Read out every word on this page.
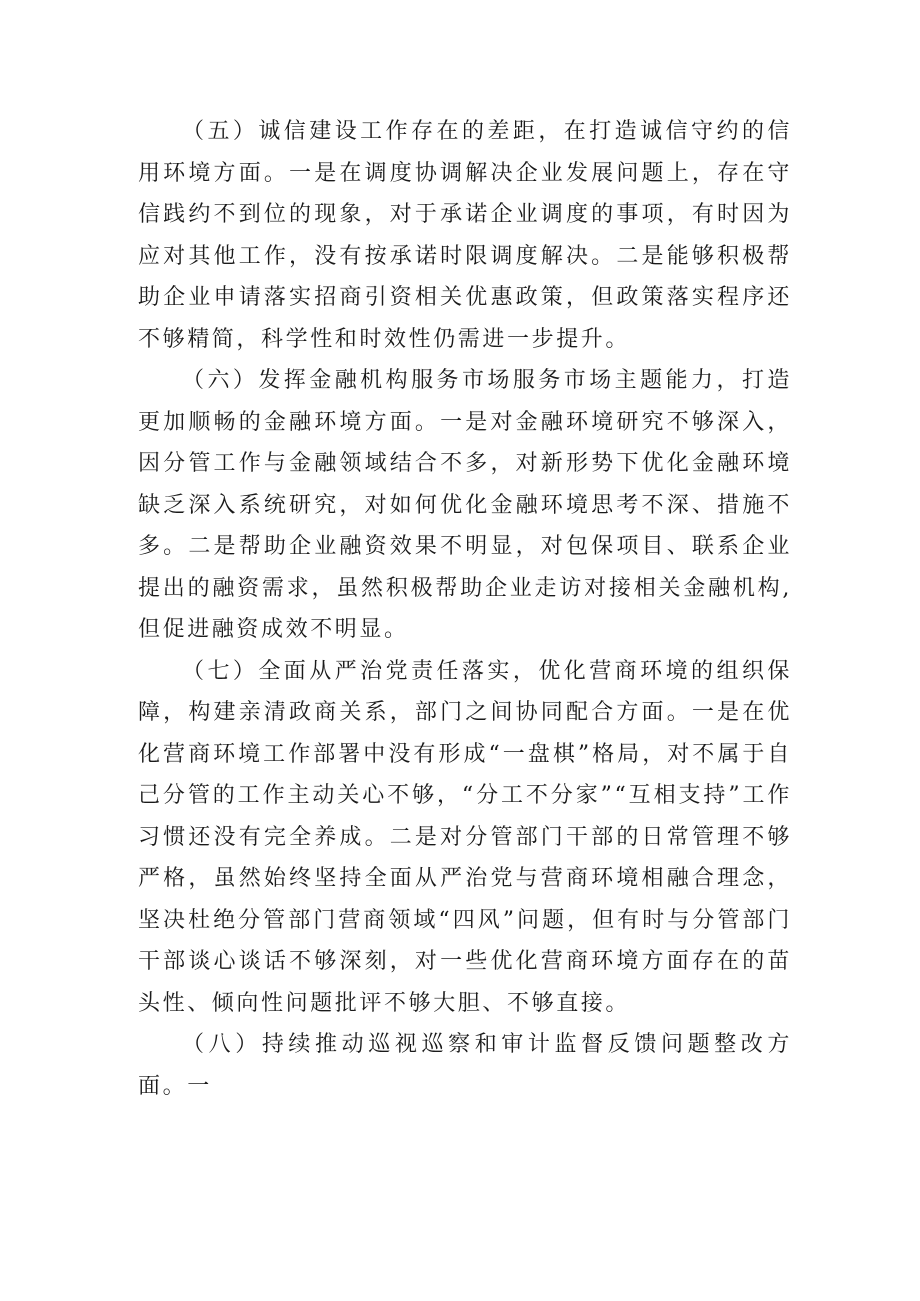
（五）诚信建设工作存在的差距，在打造诚信守约的信用环境方面。一是在调度协调解决企业发展问题上，存在守信践约不到位的现象，对于承诺企业调度的事项，有时因为应对其他工作，没有按承诺时限调度解决。二是能够积极帮助企业申请落实招商引资相关优惠政策，但政策落实程序还不够精简，科学性和时效性仍需进一步提升。

（六）发挥金融机构服务市场服务市场主题能力，打造更加顺畅的金融环境方面。一是对金融环境研究不够深入，因分管工作与金融领域结合不多，对新形势下优化金融环境缺乏深入系统研究，对如何优化金融环境思考不深、措施不多。二是帮助企业融资效果不明显，对包保项目、联系企业提出的融资需求，虽然积极帮助企业走访对接相关金融机构,但促进融资成效不明显。

（七）全面从严治党责任落实，优化营商环境的组织保障，构建亲清政商关系，部门之间协同配合方面。一是在优化营商环境工作部署中没有形成“一盘棋”格局，对不属于自己分管的工作主动关心不够，“分工不分家”“互相支持”工作习惯还没有完全养成。二是对分管部门干部的日常管理不够严格，虽然始终坚持全面从严治党与营商环境相融合理念，坚决杜绝分管部门营商领域“四风”问题，但有时与分管部门干部谈心谈话不够深刻，对一些优化营商环境方面存在的苗头性、倾向性问题批评不够大胆、不够直接。

（八）持续推动巡视巡察和审计监督反馈问题整改方面。一
